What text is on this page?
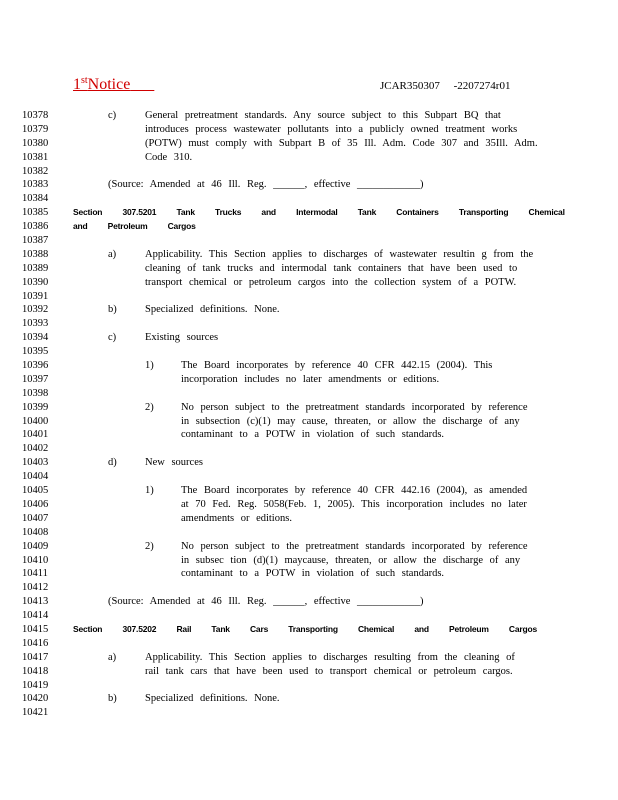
1stNotice	JCAR350307     -2207274r01
10378	c)	General pretreatment standards. Any source subject to this Subpart BQ that
10379	introduces process wastewater pollutants into a publicly owned treatment works
10380	(POTW) must comply with Subpart B of 35 Ill. Adm. Code 307 and 35Ill. Adm.
10381	Code 310.
10382
10383	(Source: Amended at 46 Ill. Reg. ______, effective ____________)
10384
10385	Section 307.5201 Tank Trucks and Intermodal Tank Containers Transporting Chemical
10386	and Petroleum Cargos
10387
10388	a)	Applicability. This Section applies to discharges of wastewater resultin g from the
10389	cleaning of tank trucks and intermodal tank containers that have been used to
10390	transport chemical or petroleum cargos into the collection system of a POTW.
10391
10392	b)	Specialized definitions. None.
10393
10394	c)	Existing sources
10395
10396	1)	The Board incorporates by reference 40 CFR 442.15 (2004). This
10397	incorporation includes no later amendments or editions.
10398
10399	2)	No person subject to the pretreatment standards incorporated by reference
10400	in subsection (c)(1) may cause, threaten, or allow the discharge of any
10401	contaminant to a POTW in violation of such standards.
10402
10403	d)	New sources
10404
10405	1)	The Board incorporates by reference 40 CFR 442.16 (2004), as amended
10406	at 70 Fed. Reg. 5058(Feb. 1, 2005). This incorporation includes no later
10407	amendments or editions.
10408
10409	2)	No person subject to the pretreatment standards incorporated by reference
10410	in subsec tion (d)(1) maycause, threaten, or allow the discharge of any
10411	contaminant to a POTW in violation of such standards.
10412
10413	(Source: Amended at 46 Ill. Reg. ______, effective ____________)
10414
10415	Section 307.5202 Rail Tank Cars Transporting Chemical and Petroleum Cargos
10416
10417	a)	Applicability. This Section applies to discharges resulting from the cleaning of
10418	rail tank cars that have been used to transport chemical or petroleum cargos.
10419
10420	b)	Specialized definitions. None.
10421
